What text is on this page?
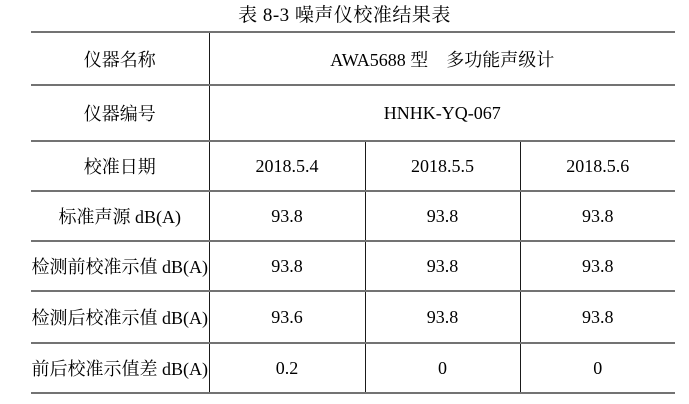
表 8-3 噪声仪校准结果表
仪器名称	AWA5688 型　多功能声级计		
仪器编号	HNHK-YQ-067		
校准日期	2018.5.4	2018.5.5	2018.5.6
标准声源 dB(A)	93.8	93.8	93.8
检测前校准示值 dB(A)	93.8	93.8	93.8
检测后校准示值 dB(A)	93.6	93.8	93.8
前后校准示值差 dB(A)	0.2	0	0
